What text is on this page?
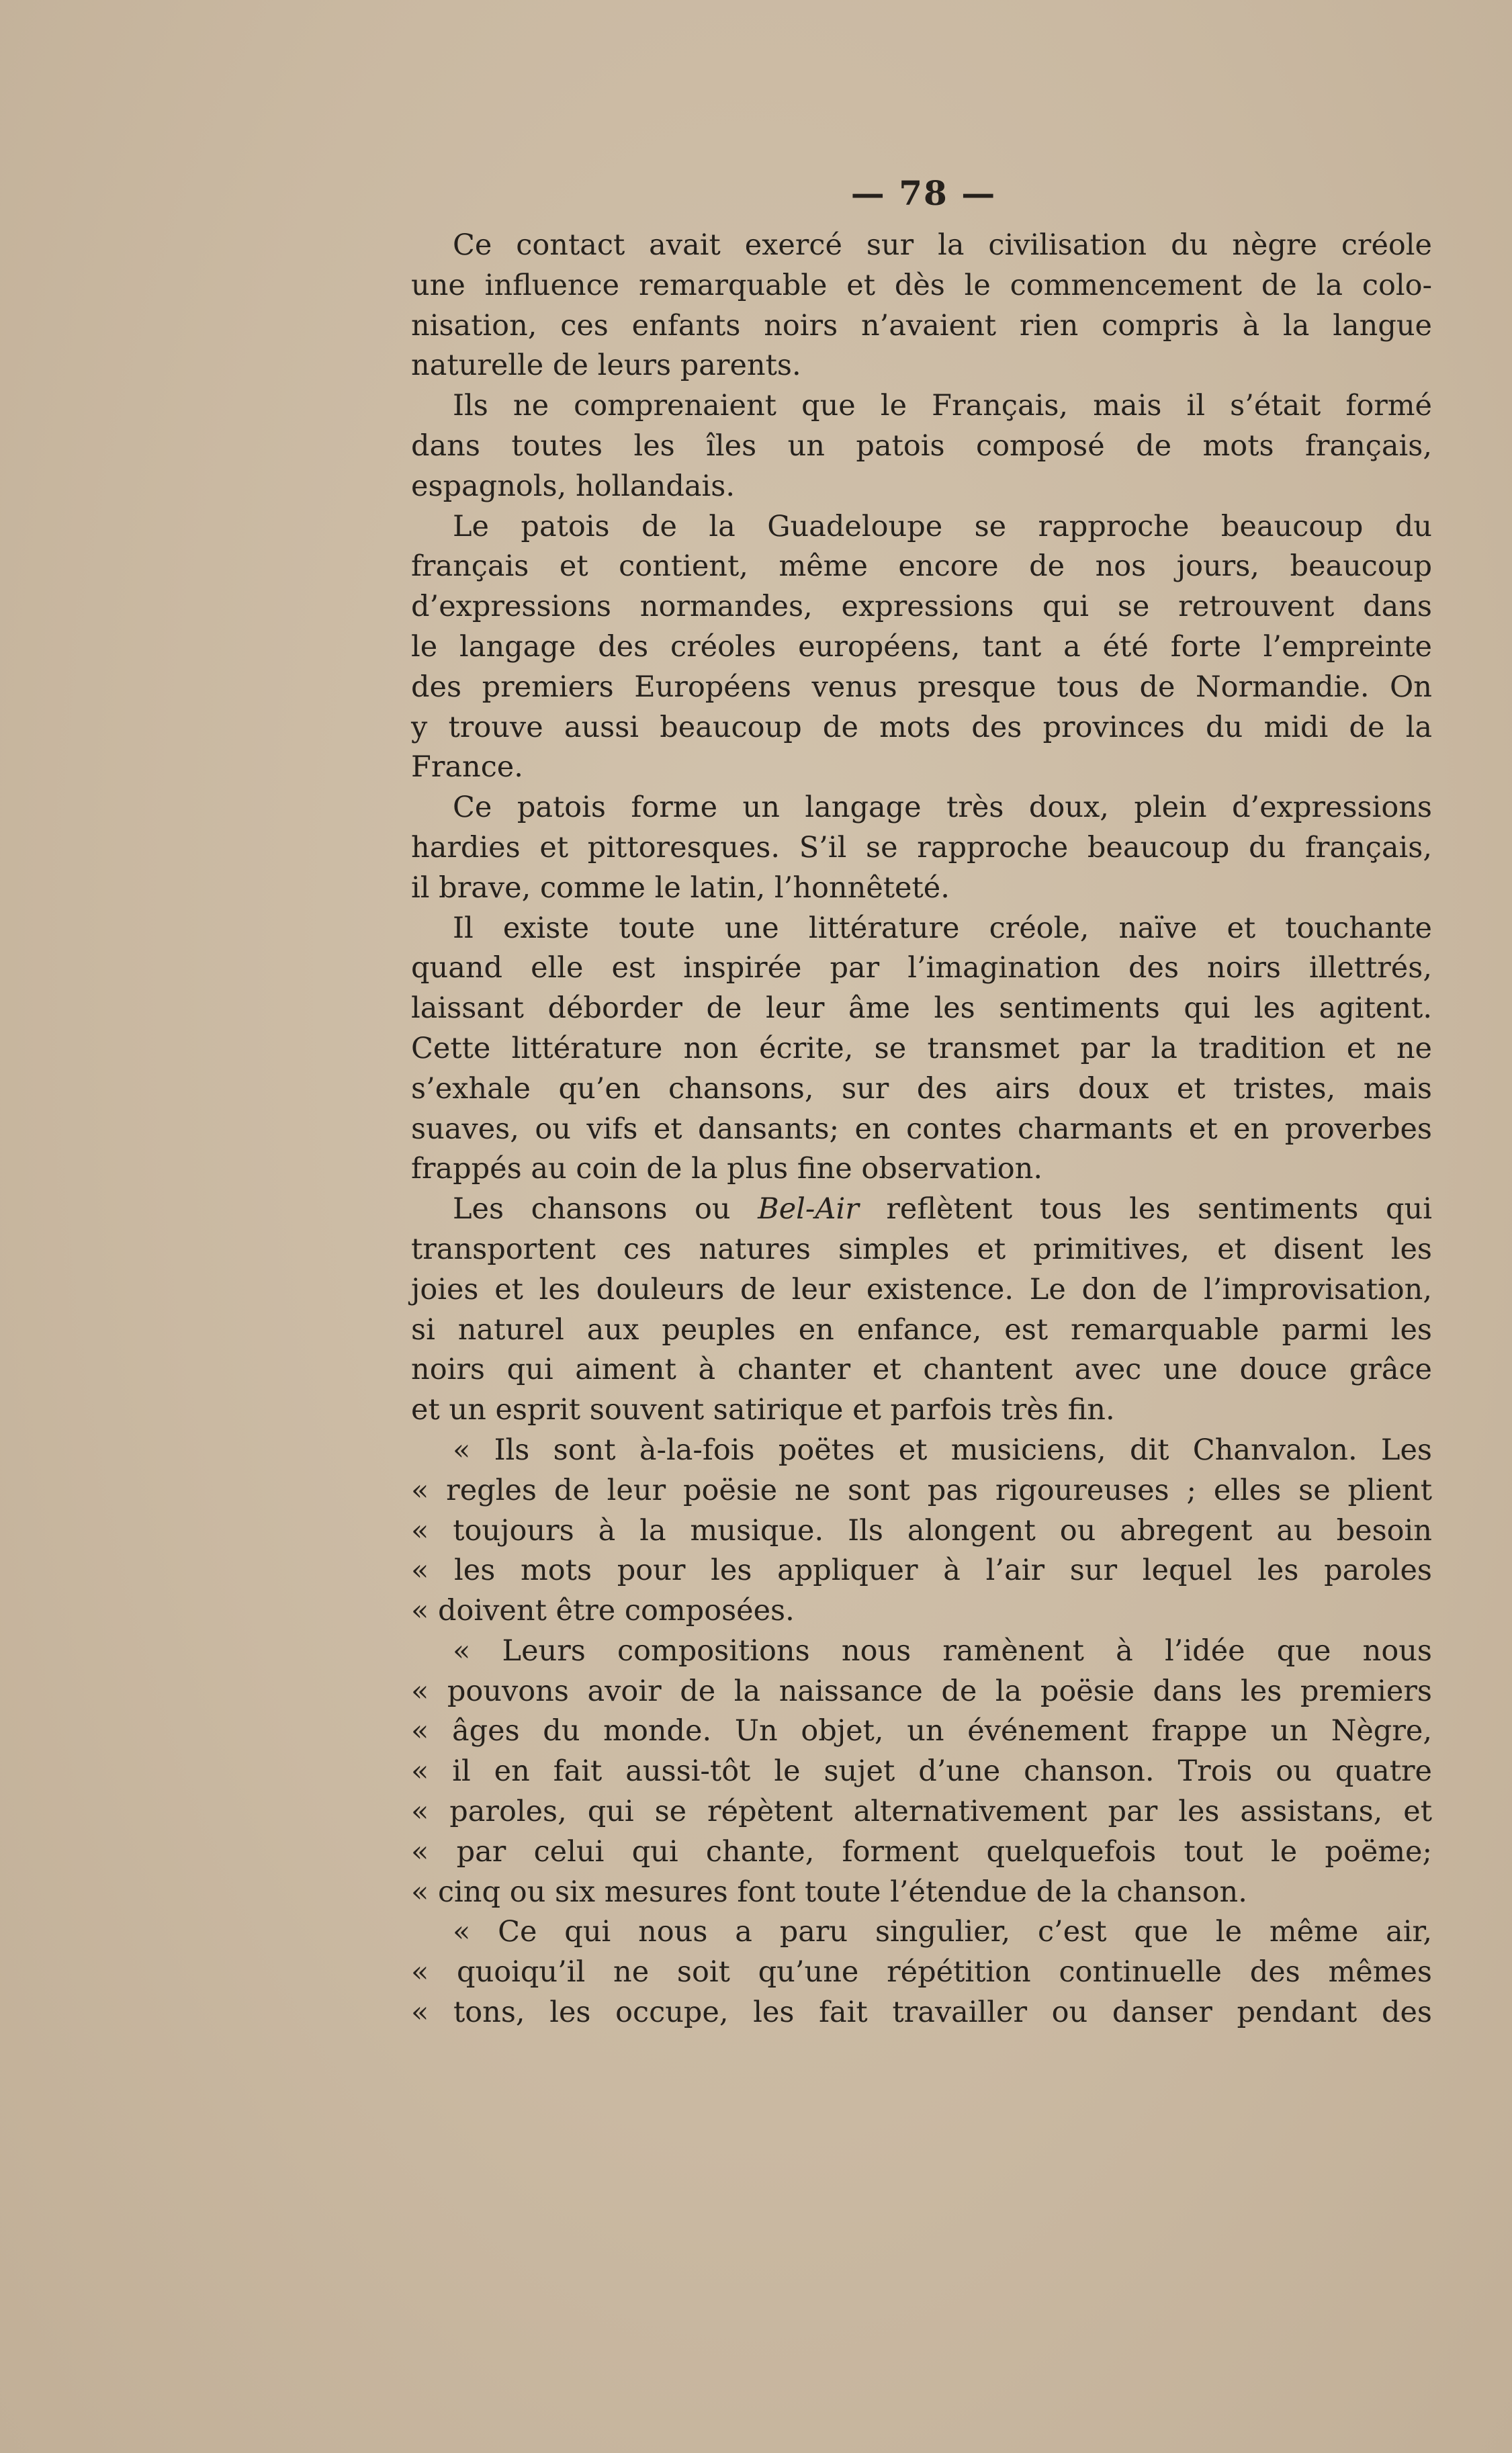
— 78 —
Ce contact avait exercé sur la civilisation du nègre créole
une influence remarquable et dès le commencement de la colo-
nisation, ces enfants noirs n’avaient rien compris à la langue
naturelle de leurs parents.
Ils ne comprenaient que le Français, mais il s’était formé
dans toutes les îles un patois composé de mots français,
espagnols, hollandais.
Le patois de la Guadeloupe se rapproche beaucoup du
français et contient, même encore de nos jours, beaucoup
d’expressions normandes, expressions qui se retrouvent dans
le langage des créoles européens, tant a été forte l’empreinte
des premiers Européens venus presque tous de Normandie. On
y trouve aussi beaucoup de mots des provinces du midi de la
France.
Ce patois forme un langage très doux, plein d’expressions
hardies et pittoresques. S’il se rapproche beaucoup du français,
il brave, comme le latin, l’honnêteté.
Il existe toute une littérature créole, naïve et touchante
quand elle est inspirée par l’imagination des noirs illettrés,
laissant déborder de leur âme les sentiments qui les agitent.
Cette littérature non écrite, se transmet par la tradition et ne
s’exhale qu’en chansons, sur des airs doux et tristes, mais
suaves, ou vifs et dansants; en contes charmants et en proverbes
frappés au coin de la plus fine observation.
Les chansons ou Bel-Air reflètent tous les sentiments qui
transportent ces natures simples et primitives, et disent les
joies et les douleurs de leur existence. Le don de l’improvisation,
si naturel aux peuples en enfance, est remarquable parmi les
noirs qui aiment à chanter et chantent avec une douce grâce
et un esprit souvent satirique et parfois très fin.
« Ils sont à-la-fois poëtes et musiciens, dit Chanvalon. Les
« regles de leur poësie ne sont pas rigoureuses ; elles se plient
« toujours à la musique. Ils alongent ou abregent au besoin
« les mots pour les appliquer à l’air sur lequel les paroles
« doivent être composées.
« Leurs compositions nous ramènent à l’idée que nous
« pouvons avoir de la naissance de la poësie dans les premiers
« âges du monde. Un objet, un événement frappe un Nègre,
« il en fait aussi-tôt le sujet d’une chanson. Trois ou quatre
« paroles, qui se répètent alternativement par les assistans, et
« par celui qui chante, forment quelquefois tout le poëme;
« cinq ou six mesures font toute l’étendue de la chanson.
« Ce qui nous a paru singulier, c’est que le même air,
« quoiqu’il ne soit qu’une répétition continuelle des mêmes
« tons, les occupe, les fait travailler ou danser pendant des
